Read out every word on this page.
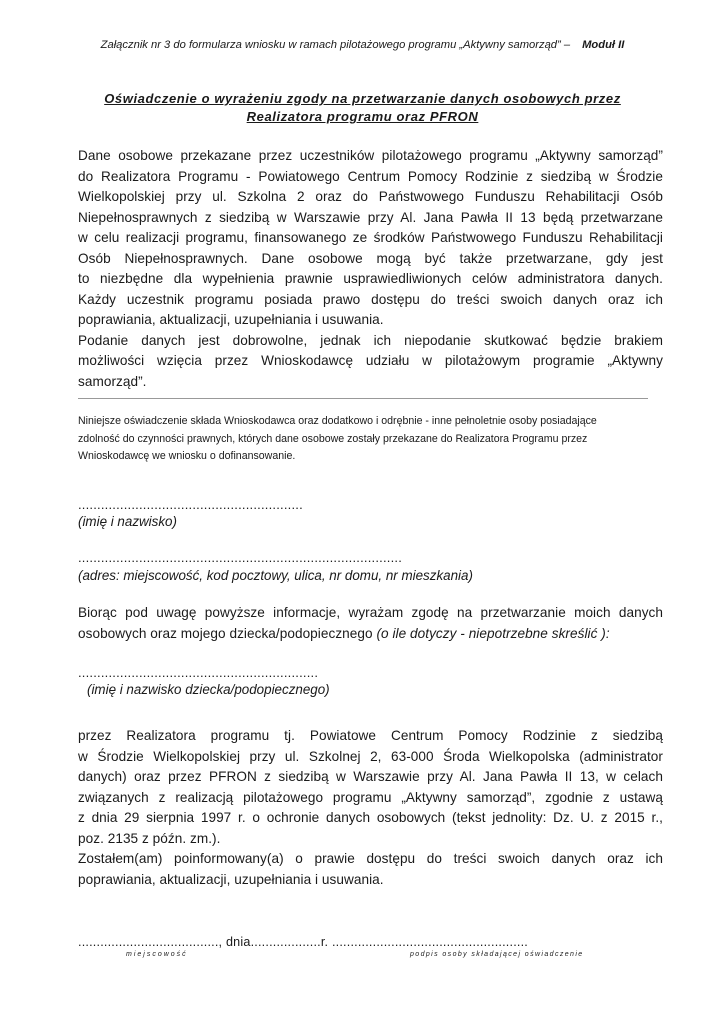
Załącznik nr 3 do formularza wniosku w ramach pilotażowego programu „Aktywny samorząd” – Moduł II
Oświadczenie o wyrażeniu zgody na przetwarzanie danych osobowych przez
Realizatora programu oraz PFRON

Dane osobowe przekazane przez uczestników pilotażowego programu „Aktywny samorząd”

do Realizatora Programu - Powiatowego Centrum Pomocy Rodzinie z siedzibą w Środzie

Wielkopolskiej przy ul. Szkolna 2 oraz do Państwowego Funduszu Rehabilitacji Osób

Niepełnosprawnych z siedzibą w Warszawie przy Al. Jana Pawła II 13 będą przetwarzane

w celu realizacji programu, finansowanego ze środków Państwowego Funduszu Rehabilitacji

Osób Niepełnosprawnych. Dane osobowe mogą być także przetwarzane, gdy jest

to niezbędne dla wypełnienia prawnie usprawiedliwionych celów administratora danych.

Każdy uczestnik programu posiada prawo dostępu do treści swoich danych oraz ich

poprawiania, aktualizacji, uzupełniania i usuwania.

Podanie danych jest dobrowolne, jednak ich niepodanie skutkować będzie brakiem

możliwości wzięcia przez Wnioskodawcę udziału w pilotażowym programie „Aktywny

samorząd”.

Niniejsze oświadczenie składa Wnioskodawca oraz dodatkowo i odrębnie - inne pełnoletnie osoby posiadające
zdolność do czynności prawnych, których dane osobowe zostały przekazane do Realizatora Programu przez
Wnioskodawcę we wniosku o dofinansowanie.
...........................................................
(imię i nazwisko)
.....................................................................................
(adres: miejscowość, kod pocztowy, ulica, nr domu, nr mieszkania)

Biorąc pod uwagę powyższe informacje, wyrażam zgodę na przetwarzanie moich danych

osobowych oraz mojego dziecka/podopiecznego (o ile dotyczy - niepotrzebne skreślić ):

...............................................................
(imię i nazwisko dziecka/podopiecznego)

przez Realizatora programu tj. Powiatowe Centrum Pomocy Rodzinie z siedzibą

w Środzie Wielkopolskiej przy ul. Szkolnej 2, 63-000 Środa Wielkopolska (administrator

danych) oraz przez PFRON z siedzibą w Warszawie przy Al. Jana Pawła II 13, w celach

związanych z realizacją pilotażowego programu „Aktywny samorząd”, zgodnie z ustawą

z dnia 29 sierpnia 1997 r. o ochronie danych osobowych (tekst jednolity: Dz. U. z 2015 r.,

poz. 2135 z późn. zm.).

Zostałem(am) poinformowany(a) o prawie dostępu do treści swoich danych oraz ich

poprawiania, aktualizacji, uzupełniania i usuwania.

......................................, dnia...................r. .....................................................
miejscowość	podpis osoby składającej oświadczenie
